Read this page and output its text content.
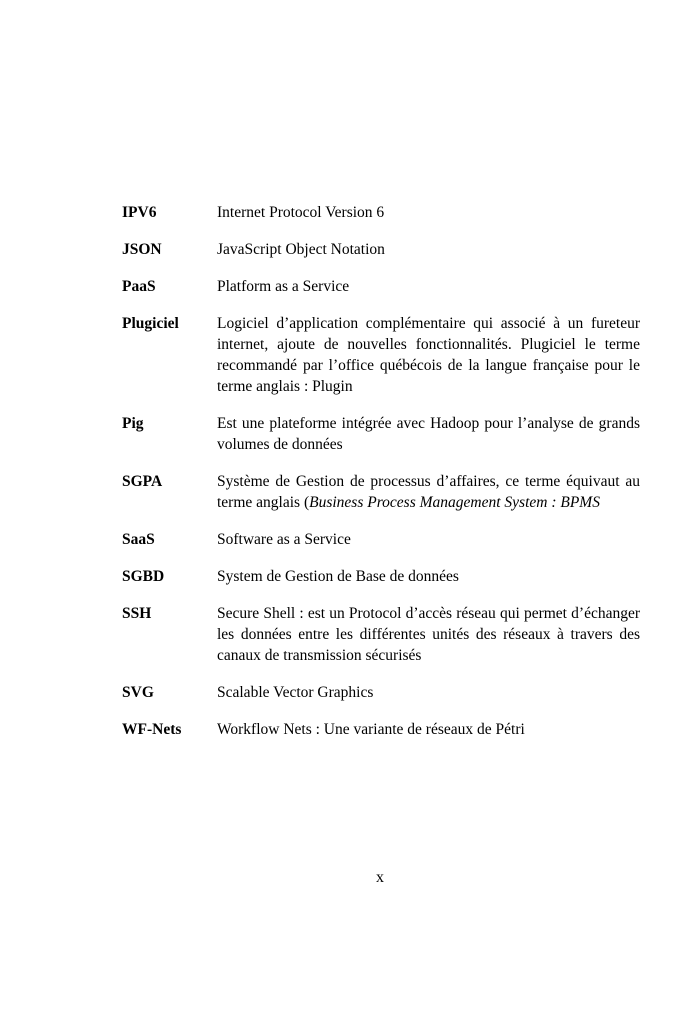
IPV6	Internet Protocol Version 6
JSON	JavaScript Object Notation
PaaS	Platform as a Service
Plugiciel	Logiciel d’application complémentaire qui associé à un fureteur internet, ajoute de nouvelles fonctionnalités. Plugiciel le terme recommandé par l’office québécois de la langue française pour le terme anglais : Plugin
Pig	Est une plateforme intégrée avec Hadoop pour l’analyse de grands volumes de données
SGPA	Système de Gestion de processus d’affaires, ce terme équivaut au terme anglais (Business Process Management System : BPMS
SaaS	Software as a Service
SGBD	System de Gestion de Base de données
SSH	Secure Shell : est un Protocol d’accès réseau qui permet d’échanger les données entre les différentes unités des réseaux à travers des canaux de transmission sécurisés
SVG	Scalable Vector Graphics
WF-Nets	Workflow Nets : Une variante de réseaux de Pétri
x
